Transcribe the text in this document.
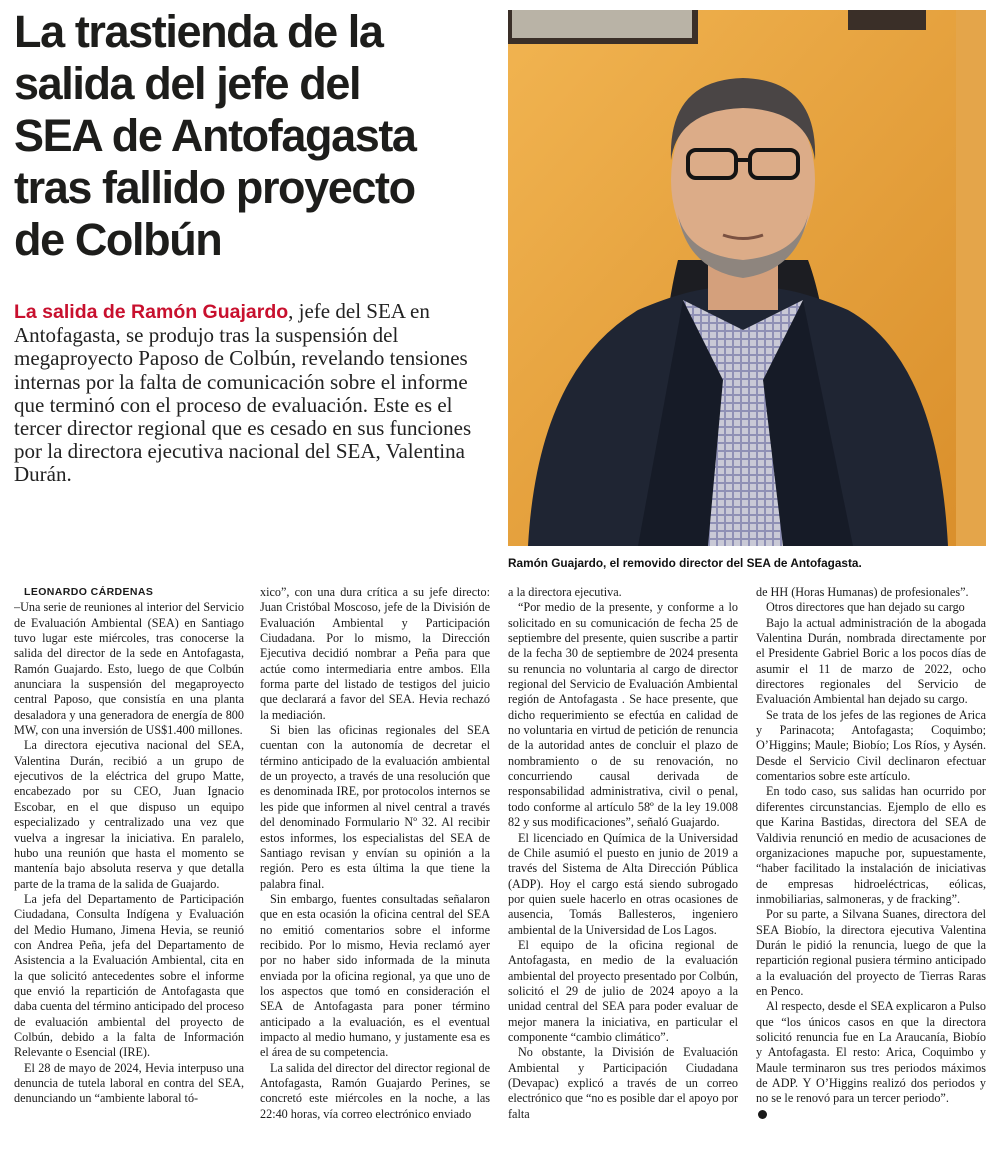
La trastienda de la
salida del jefe del
SEA de Antofagasta
tras fallido proyecto
de Colbún

La salida de Ramón Guajardo, jefe del SEA en Antofagasta, se produjo tras la suspensión del megaproyecto Paposo de Colbún, revelando tensiones internas por la falta de comunicación sobre el informe que terminó con el proceso de evaluación. Este es el tercer director regional que es cesado en sus funciones por la directora ejecutiva nacional del SEA, Valentina Durán.

Ramón Guajardo, el removido director del SEA de Antofagasta.

LEONARDO CÁRDENAS

–Una serie de reuniones al interior del Servicio de Evaluación Ambiental (SEA) en Santiago tuvo lugar este miércoles, tras conocerse la salida del director de la sede en Antofagasta, Ramón Guajardo. Esto, luego de que Colbún anunciara la suspensión del megaproyecto central Paposo, que consistía en una planta desaladora y una generadora de energía de 800 MW, con una inversión de US$1.400 millones.

La directora ejecutiva nacional del SEA, Valentina Durán, recibió a un grupo de ejecutivos de la eléctrica del grupo Matte, encabezado por su CEO, Juan Ignacio Escobar, en el que dispuso un equipo especializado y centralizado una vez que vuelva a ingresar la iniciativa. En paralelo, hubo una reunión que hasta el momento se mantenía bajo absoluta reserva y que detalla parte de la trama de la salida de Guajardo.

La jefa del Departamento de Participación Ciudadana, Consulta Indígena y Evaluación del Medio Humano, Jimena Hevia, se reunió con Andrea Peña, jefa del Departamento de Asistencia a la Evaluación Ambiental, cita en la que solicitó antecedentes sobre el informe que envió la repartición de Antofagasta que daba cuenta del término anticipado del proceso de evaluación ambiental del proyecto de Colbún, debido a la falta de Información Relevante o Esencial (IRE).

El 28 de mayo de 2024, Hevia interpuso una denuncia de tutela laboral en contra del SEA, denunciando un “ambiente laboral tó-

xico”, con una dura crítica a su jefe directo: Juan Cristóbal Moscoso, jefe de la División de Evaluación Ambiental y Participación Ciudadana. Por lo mismo, la Dirección Ejecutiva decidió nombrar a Peña para que actúe como intermediaria entre ambos. Ella forma parte del listado de testigos del juicio que declarará a favor del SEA. Hevia rechazó la mediación.

Si bien las oficinas regionales del SEA cuentan con la autonomía de decretar el término anticipado de la evaluación ambiental de un proyecto, a través de una resolución que es denominada IRE, por protocolos internos se les pide que informen al nivel central a través del denominado Formulario Nº 32. Al recibir estos informes, los especialistas del SEA de Santiago revisan y envían su opinión a la región. Pero es esta última la que tiene la palabra final.

Sin embargo, fuentes consultadas señalaron que en esta ocasión la oficina central del SEA no emitió comentarios sobre el informe recibido. Por lo mismo, Hevia reclamó ayer por no haber sido informada de la minuta enviada por la oficina regional, ya que uno de los aspectos que tomó en consideración el SEA de Antofagasta para poner término anticipado a la evaluación, es el eventual impacto al medio humano, y justamente esa es el área de su competencia.

La salida del director del director regional de Antofagasta, Ramón Guajardo Perines, se concretó este miércoles en la noche, a las 22:40 horas, vía correo electrónico enviado

a la directora ejecutiva.

“Por medio de la presente, y conforme a lo solicitado en su comunicación de fecha 25 de septiembre del presente, quien suscribe a partir de la fecha 30 de septiembre de 2024 presenta su renuncia no voluntaria al cargo de director regional del Servicio de Evaluación Ambiental región de Antofagasta . Se hace presente, que dicho requerimiento se efectúa en calidad de no voluntaria en virtud de petición de renuncia de la autoridad antes de concluir el plazo de nombramiento o de su renovación, no concurriendo causal derivada de responsabilidad administrativa, civil o penal, todo conforme al artículo 58º de la ley 19.008 82 y sus modificaciones”, señaló Guajardo.

El licenciado en Química de la Universidad de Chile asumió el puesto en junio de 2019 a través del Sistema de Alta Dirección Pública (ADP). Hoy el cargo está siendo subrogado por quien suele hacerlo en otras ocasiones de ausencia, Tomás Ballesteros, ingeniero ambiental de la Universidad de Los Lagos.

El equipo de la oficina regional de Antofagasta, en medio de la evaluación ambiental del proyecto presentado por Colbún, solicitó el 29 de julio de 2024 apoyo a la unidad central del SEA para poder evaluar de mejor manera la iniciativa, en particular el componente “cambio climático”.

No obstante, la División de Evaluación Ambiental y Participación Ciudadana (Devapac) explicó a través de un correo electrónico que “no es posible dar el apoyo por falta

de HH (Horas Humanas) de profesionales”.

Otros directores que han dejado su cargo

Bajo la actual administración de la abogada Valentina Durán, nombrada directamente por el Presidente Gabriel Boric a los pocos días de asumir el 11 de marzo de 2022, ocho directores regionales del Servicio de Evaluación Ambiental han dejado su cargo.

Se trata de los jefes de las regiones de Arica y Parinacota; Antofagasta; Coquimbo; O’Higgins; Maule; Biobío; Los Ríos, y Aysén. Desde el Servicio Civil declinaron efectuar comentarios sobre este artículo.

En todo caso, sus salidas han ocurrido por diferentes circunstancias. Ejemplo de ello es que Karina Bastidas, directora del SEA de Valdivia renunció en medio de acusaciones de organizaciones mapuche por, supuestamente, “haber facilitado la instalación de iniciativas de empresas hidroeléctricas, eólicas, inmobiliarias, salmoneras, y de fracking”.

Por su parte, a Silvana Suanes, directora del SEA Biobío, la directora ejecutiva Valentina Durán le pidió la renuncia, luego de que la repartición regional pusiera término anticipado a la evaluación del proyecto de Tierras Raras en Penco.

Al respecto, desde el SEA explicaron a Pulso que “los únicos casos en que la directora solicitó renuncia fue en La Araucanía, Biobío y Antofagasta. El resto: Arica, Coquimbo y Maule terminaron sus tres periodos máximos de ADP. Y O’Higgins realizó dos periodos y no se le renovó para un tercer periodo”.
